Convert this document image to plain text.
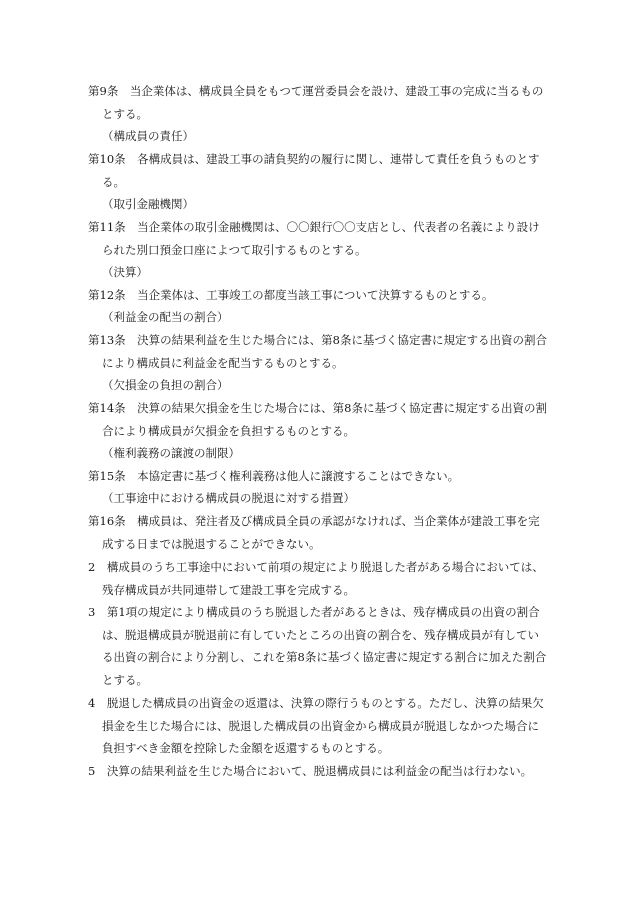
第9条　当企業体は、構成員全員をもつて運営委員会を設け、建設工事の完成に当るもの
とする。
（構成員の責任）
第10条　各構成員は、建設工事の請負契約の履行に関し、連帯して責任を負うものとす
る。
（取引金融機関）
第11条　当企業体の取引金融機関は、〇〇銀行〇〇支店とし、代表者の名義により設け
られた別口預金口座によつて取引するものとする。
（決算）
第12条　当企業体は、工事竣工の都度当該工事について決算するものとする。
（利益金の配当の割合）
第13条　決算の結果利益を生じた場合には、第8条に基づく協定書に規定する出資の割合
により構成員に利益金を配当するものとする。
（欠損金の負担の割合）
第14条　決算の結果欠損金を生じた場合には、第8条に基づく協定書に規定する出資の割
合により構成員が欠損金を負担するものとする。
（権利義務の譲渡の制限）
第15条　本協定書に基づく権利義務は他人に譲渡することはできない。
（工事途中における構成員の脱退に対する措置）
第16条　構成員は、発注者及び構成員全員の承認がなければ、当企業体が建設工事を完
成する日までは脱退することができない。
2　構成員のうち工事途中において前項の規定により脱退した者がある場合においては、
残存構成員が共同連帯して建設工事を完成する。
3　第1項の規定により構成員のうち脱退した者があるときは、残存構成員の出資の割合
は、脱退構成員が脱退前に有していたところの出資の割合を、残存構成員が有してい
る出資の割合により分割し、これを第8条に基づく協定書に規定する割合に加えた割合
とする。
4　脱退した構成員の出資金の返還は、決算の際行うものとする。ただし、決算の結果欠
損金を生じた場合には、脱退した構成員の出資金から構成員が脱退しなかつた場合に
負担すべき金額を控除した金額を返還するものとする。
5　決算の結果利益を生じた場合において、脱退構成員には利益金の配当は行わない。
